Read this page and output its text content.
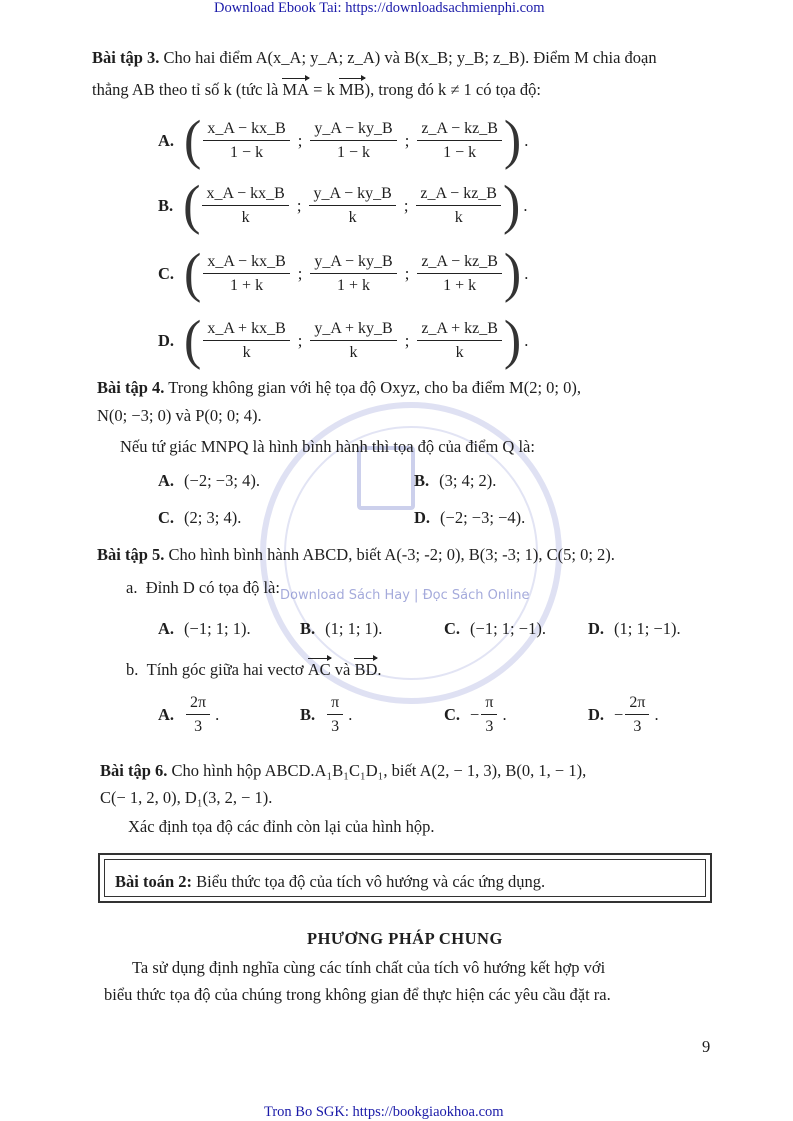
Download Ebook Tai: https://downloadsachmienphi.com
Tron Bo SGK: https://bookgiaokhoa.com
Download Sách Hay | Đọc Sách Online
Bài tập 3. Cho hai điểm A(x_A; y_A; z_A) và B(x_B; y_B; z_B). Điểm M chia đoạn
thẳng AB theo tỉ số k (tức là MA = k MB), trong đó k ≠ 1 có tọa độ:
A. ( $\frac{x\_A - kx\_B}{1 - k}$ ; $\frac{y\_A - ky\_B}{1 - k}$ ; $\frac{z\_A - kz\_B}{1 - k}$ ) .
B. ( $\frac{x\_A - kx\_B}{k}$ ; $\frac{y\_A - ky\_B}{k}$ ; $\frac{z\_A - kz\_B}{k}$ ) .
C. ( $\frac{x\_A - kx\_B}{1 + k}$ ; $\frac{y\_A - ky\_B}{1 + k}$ ; $\frac{z\_A - kz\_B}{1 + k}$ ) .
D. ( $\frac{x\_A + kx\_B}{k}$ ; $\frac{y\_A + ky\_B}{k}$ ; $\frac{z\_A + kz\_B}{k}$ ) .
Bài tập 4. Trong không gian với hệ tọa độ Oxyz, cho ba điểm M(2; 0; 0),
N(0; −3; 0) và P(0; 0; 4).
Nếu tứ giác MNPQ là hình bình hành thì tọa độ của điểm Q là:
A. (−2; −3; 4).	B. (3; 4; 2).
C. (2; 3; 4).	D. (−2; −3; −4).
Bài tập 5. Cho hình bình hành ABCD, biết A(-3; -2; 0), B(3; -3; 1), C(5; 0; 2).
a. Đỉnh D có tọa độ là:
A. (−1; 1; 1).	B. (1; 1; 1).	C. (−1; 1; −1).	D. (1; 1; −1).
b. Tính góc giữa hai vectơ AC và BD.
A. $\frac{2\pi}{3}$ .	B. $\frac{\pi}{3}$ .	C. − $\frac{\pi}{3}$ .	D. − $\frac{2\pi}{3}$ .
Bài tập 6. Cho hình hộp ABCD.A₁B₁C₁D₁, biết A(2, − 1, 3), B(0, 1, − 1),
C(− 1, 2, 0), D₁(3, 2, − 1).
Xác định tọa độ các đỉnh còn lại của hình hộp.
Bài toán 2: Biểu thức tọa độ của tích vô hướng và các ứng dụng.
PHƯƠNG PHÁP CHUNG
Ta sử dụng định nghĩa cùng các tính chất của tích vô hướng kết hợp với
biểu thức tọa độ của chúng trong không gian để thực hiện các yêu cầu đặt ra.
9
